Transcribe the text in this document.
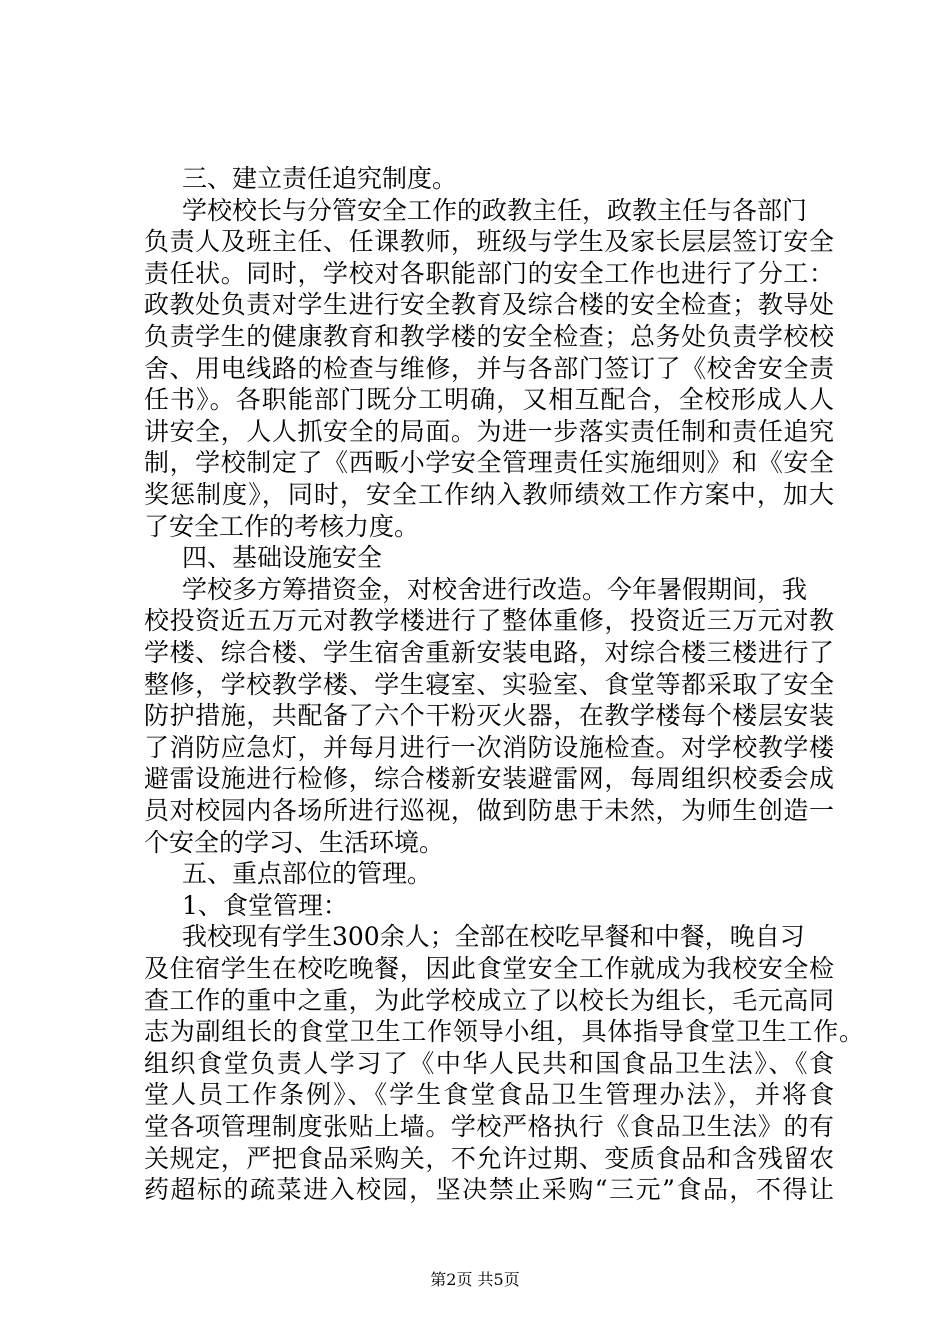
三、建立责任追究制度。
学校校长与分管安全工作的政教主任，政教主任与各部门
负责人及班主任、任课教师，班级与学生及家长层层签订安全
责任状。同时，学校对各职能部门的安全工作也进行了分工：
政教处负责对学生进行安全教育及综合楼的安全检查；教导处
负责学生的健康教育和教学楼的安全检查；总务处负责学校校
舍、用电线路的检查与维修，并与各部门签订了《校舍安全责
任书》。各职能部门既分工明确，又相互配合，全校形成人人
讲安全，人人抓安全的局面。为进一步落实责任制和责任追究
制，学校制定了《西畈小学安全管理责任实施细则》和《安全
奖惩制度》，同时，安全工作纳入教师绩效工作方案中，加大
了安全工作的考核力度。
四、基础设施安全
学校多方筹措资金，对校舍进行改造。今年暑假期间，我
校投资近五万元对教学楼进行了整体重修，投资近三万元对教
学楼、综合楼、学生宿舍重新安装电路，对综合楼三楼进行了
整修，学校教学楼、学生寝室、实验室、食堂等都采取了安全
防护措施，共配备了六个干粉灭火器，在教学楼每个楼层安装
了消防应急灯，并每月进行一次消防设施检查。对学校教学楼
避雷设施进行检修，综合楼新安装避雷网，每周组织校委会成
员对校园内各场所进行巡视，做到防患于未然，为师生创造一
个安全的学习、生活环境。
五、重点部位的管理。
1、食堂管理：
我校现有学生300余人；全部在校吃早餐和中餐，晚自习
及住宿学生在校吃晚餐，因此食堂安全工作就成为我校安全检
查工作的重中之重，为此学校成立了以校长为组长，毛元高同
志为副组长的食堂卫生工作领导小组，具体指导食堂卫生工作。
组织食堂负责人学习了《中华人民共和国食品卫生法》、《食
堂人员工作条例》、《学生食堂食品卫生管理办法》，并将食
堂各项管理制度张贴上墙。学校严格执行《食品卫生法》的有
关规定，严把食品采购关，不允许过期、变质食品和含残留农
药超标的疏菜进入校园，坚决禁止采购“三元”食品，不得让
第2页 共5页
